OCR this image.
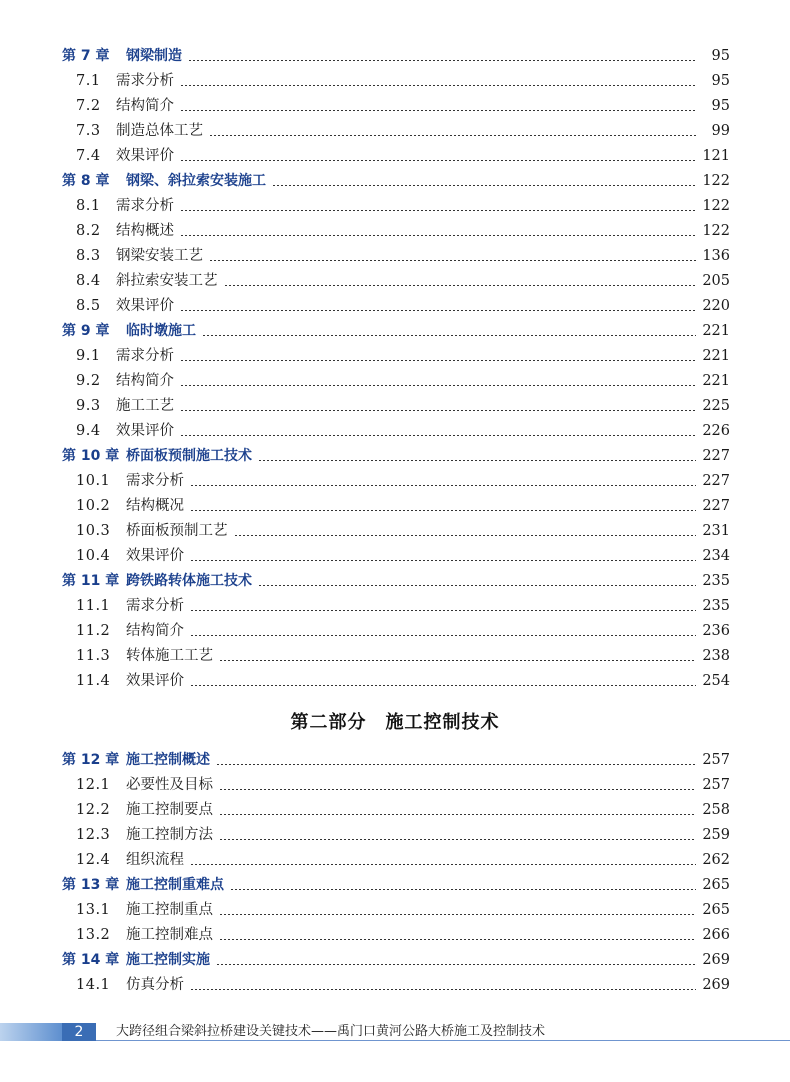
第 7 章	钢梁制造	95
7.1	需求分析	95
7.2	结构简介	95
7.3	制造总体工艺	99
7.4	效果评价	121
第 8 章	钢梁、斜拉索安装施工	122
8.1	需求分析	122
8.2	结构概述	122
8.3	钢梁安装工艺	136
8.4	斜拉索安装工艺	205
8.5	效果评价	220
第 9 章	临时墩施工	221
9.1	需求分析	221
9.2	结构简介	221
9.3	施工工艺	225
9.4	效果评价	226
第 10 章 桥面板预制施工技术	227
10.1	需求分析	227
10.2	结构概况	227
10.3	桥面板预制工艺	231
10.4	效果评价	234
第 11 章 跨铁路转体施工技术	235
11.1	需求分析	235
11.2	结构简介	236
11.3	转体施工工艺	238
11.4	效果评价	254
第二部分　施工控制技术
第 12 章 施工控制概述	257
12.1	必要性及目标	257
12.2	施工控制要点	258
12.3	施工控制方法	259
12.4	组织流程	262
第 13 章 施工控制重难点	265
13.1	施工控制重点	265
13.2	施工控制难点	266
第 14 章 施工控制实施	269
14.1	仿真分析	269
2	大跨径组合梁斜拉桥建设关键技术——禹门口黄河公路大桥施工及控制技术
